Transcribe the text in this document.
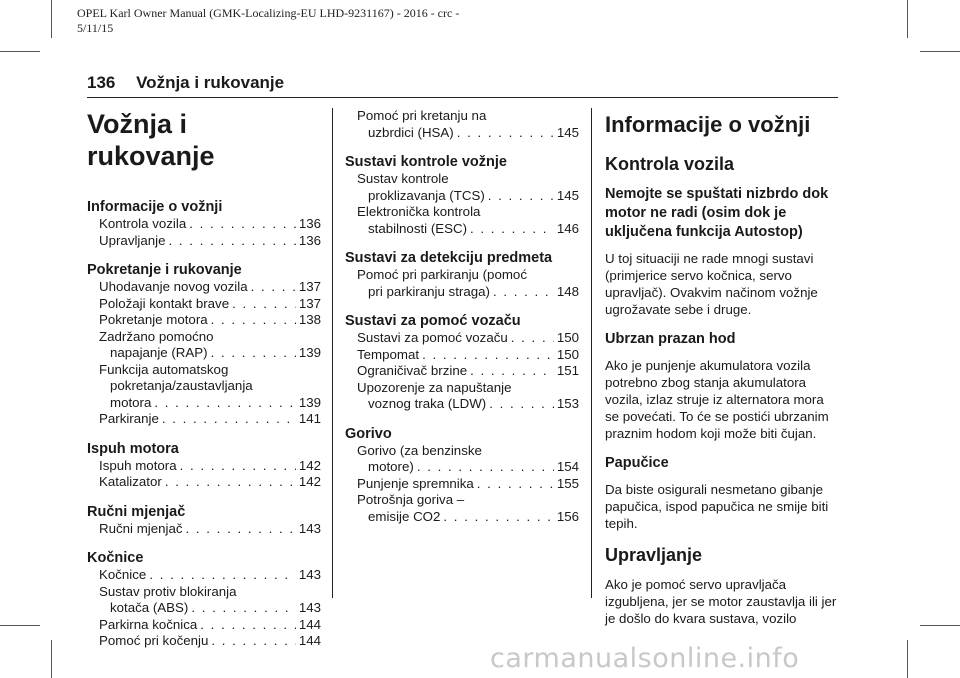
OPEL Karl Owner Manual (GMK-Localizing-EU LHD-9231167) - 2016 - crc -
5/11/15
136 Vožnja i rukovanje
Vožnja i rukovanje
Informacije o vožnji
Kontrola vozila . . .	136
Upravljanje . . .	136
Pokretanje i rukovanje
Uhodavanje novog vozila . . .	137
Položaji kontakt brave . . .	137
Pokretanje motora . . .	138
Zadržano pomoćno
napajanje (RAP) . . .	139
Funkcija automatskog
pokretanja/zaustavljanja
motora . . .	139
Parkiranje . . .	141
Ispuh motora
Ispuh motora . . .	142
Katalizator . . .	142
Ručni mjenjač
Ručni mjenjač . . .	143
Kočnice
Kočnice . . .	143
Sustav protiv blokiranja
kotača (ABS) . . .	143
Parkirna kočnica . . .	144
Pomoć pri kočenju . . .	144
Pomoć pri kretanju na
uzbrdici (HSA) . . .	145
Sustavi kontrole vožnje
Sustav kontrole
proklizavanja (TCS) . . .	145
Elektronička kontrola
stabilnosti (ESC) . . .	146
Sustavi za detekciju predmeta
Pomoć pri parkiranju (pomoć
pri parkiranju straga) . . .	148
Sustavi za pomoć vozaču
Sustavi za pomoć vozaču . . .	150
Tempomat . . .	150
Ograničivač brzine . . .	151
Upozorenje za napuštanje
voznog traka (LDW) . . .	153
Gorivo
Gorivo (za benzinske
motore) . . .	154
Punjenje spremnika . . .	155
Potrošnja goriva –
emisije CO2 . . .	156
Informacije o vožnji
Kontrola vozila
Nemojte se spuštati nizbrdo dok motor ne radi (osim dok je uključena funkcija Autostop)

U toj situaciji ne rade mnogi sustavi (primjerice servo kočnica, servo upravljač). Ovakvim načinom vožnje ugrožavate sebe i druge.

Ubrzan prazan hod

Ako je punjenje akumulatora vozila potrebno zbog stanja akumulatora vozila, izlaz struje iz alternatora mora se povećati. To će se postići ubrzanim praznim hodom koji može biti čujan.

Papučice

Da biste osigurali nesmetano gibanje papučica, ispod papučica ne smije biti tepih.

Upravljanje

Ako je pomoć servo upravljača izgubljena, jer se motor zaustavlja ili jer je došlo do kvara sustava, vozilo

carmanualsonline.info
